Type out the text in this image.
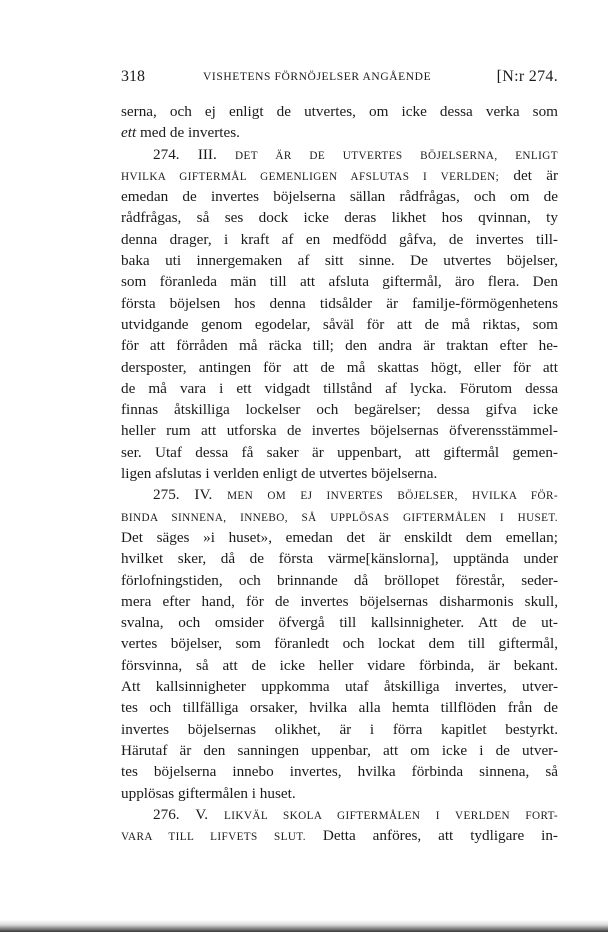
318	VISHETENS FÖRNÖJELSER ANGÅENDE	[N:r 274.
serna, och ej enligt de utvertes, om icke dessa verka som
ett med de invertes.
274. III. DET ÄR DE UTVERTES BÖJELSERNA, ENLIGT
HVILKA GIFTERMÅL GEMENLIGEN AFSLUTAS I VERLDEN; det är
emedan de invertes böjelserna sällan rådfrågas, och om de
rådfrågas, så ses dock icke deras likhet hos qvinnan, ty
denna drager, i kraft af en medfödd gåfva, de invertes till-
baka uti innergemaken af sitt sinne. De utvertes böjelser,
som föranleda män till att afsluta giftermål, äro flera. Den
första böjelsen hos denna tidsålder är familje-förmögenhetens
utvidgande genom egodelar, såväl för att de må riktas, som
för att förråden må räcka till; den andra är traktan efter he-
dersposter, antingen för att de må skattas högt, eller för att
de må vara i ett vidgadt tillstånd af lycka. Förutom dessa
finnas åtskilliga lockelser och begärelser; dessa gifva icke
heller rum att utforska de invertes böjelsernas öfverensstämmel-
ser. Utaf dessa få saker är uppenbart, att giftermål gemen-
ligen afslutas i verlden enligt de utvertes böjelserna.
275. IV. MEN OM EJ INVERTES BÖJELSER, HVILKA FÖR-
BINDA SINNENA, INNEBO, SÅ UPPLÖSAS GIFTERMÅLEN I HUSET.
Det säges »i huset», emedan det är enskildt dem emellan;
hvilket sker, då de första värme[känslorna], upptända under
förlofningstiden, och brinnande då bröllopet förestår, seder-
mera efter hand, för de invertes böjelsernas disharmonis skull,
svalna, och omsider öfvergå till kallsinnigheter. Att de ut-
vertes böjelser, som föranledt och lockat dem till giftermål,
försvinna, så att de icke heller vidare förbinda, är bekant.
Att kallsinnigheter uppkomma utaf åtskilliga invertes, utver-
tes och tillfälliga orsaker, hvilka alla hemta tillflöden från de
invertes böjelsernas olikhet, är i förra kapitlet bestyrkt.
Härutaf är den sanningen uppenbar, att om icke i de utver-
tes böjelserna innebo invertes, hvilka förbinda sinnena, så
upplösas giftermålen i huset.
276. V. LIKVÄL SKOLA GIFTERMÅLEN I VERLDEN FORT-
VARA TILL LIFVETS SLUT. Detta anföres, att tydligare in-
